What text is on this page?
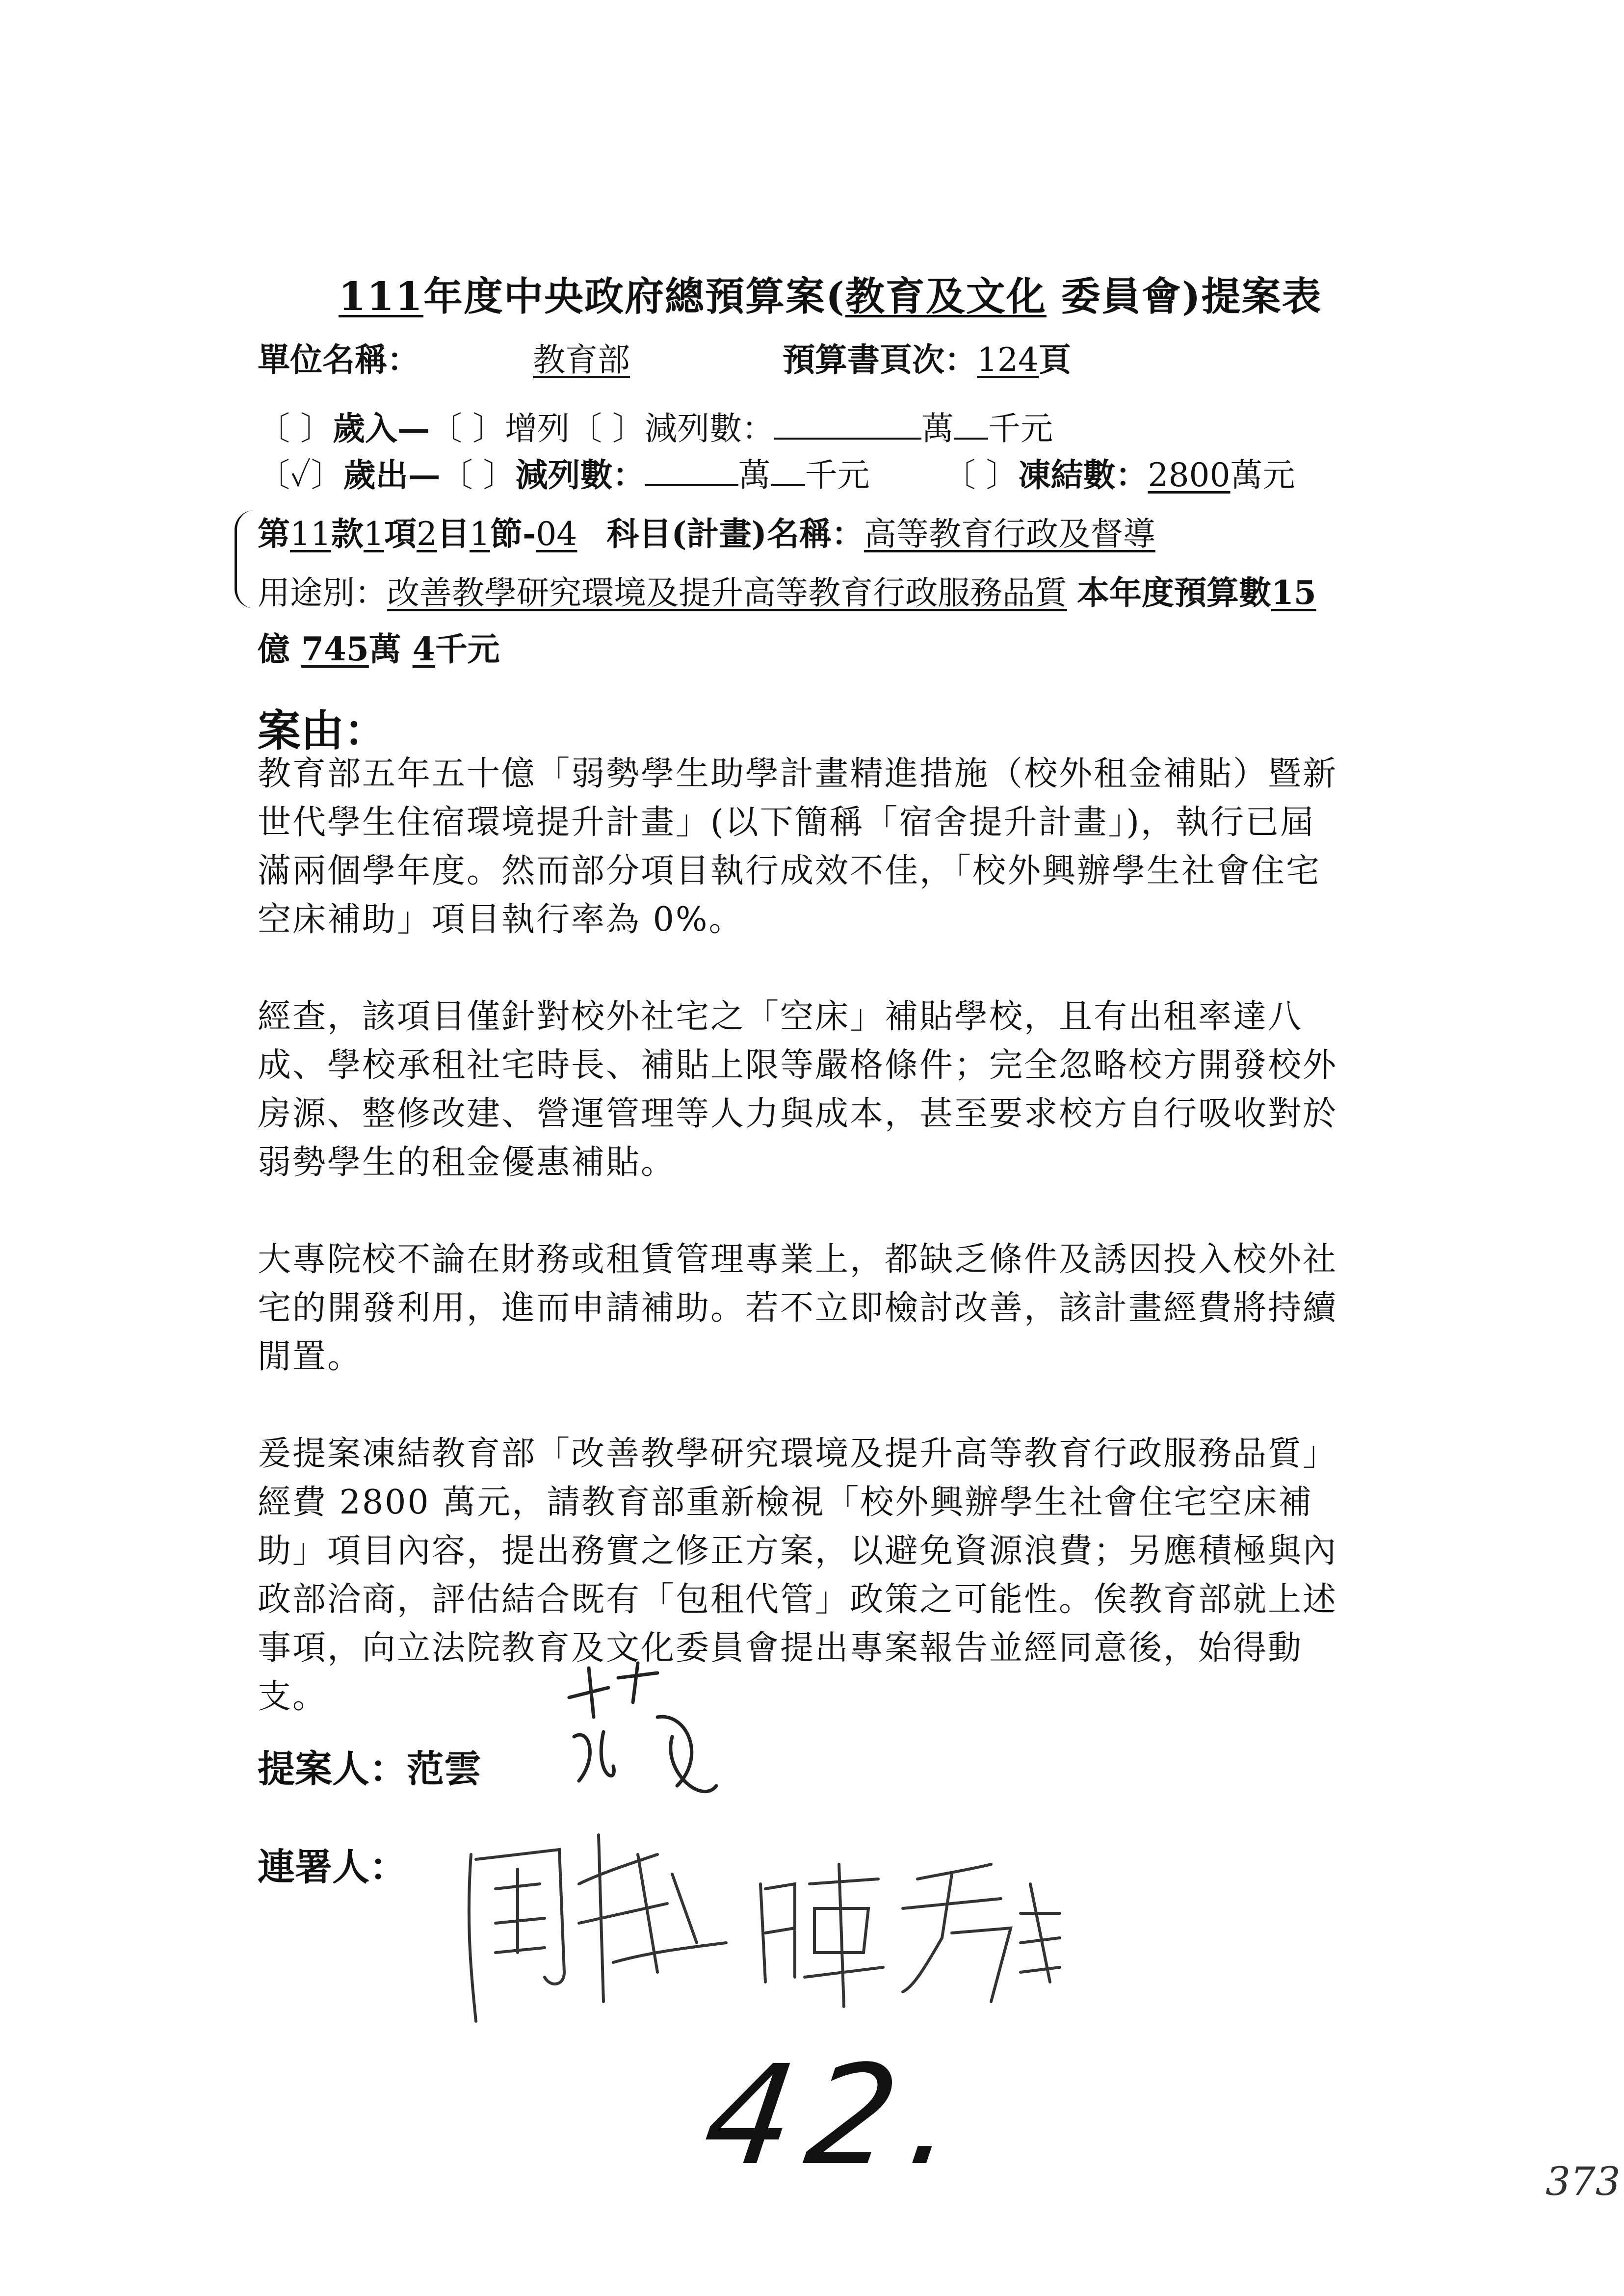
111年度中央政府總預算案(教育及文化 委員會)提案表
單位名稱：	教育部	預算書頁次：124頁
〔 〕歲入—〔 〕增列〔 〕減列數：	萬 千元
〔✓〕歲出—〔 〕減列數：	萬 千元 〔 〕凍結數：2800萬元
第11款1項2目1節-04 科目(計畫)名稱：高等教育行政及督導
用途別：改善教學研究環境及提升高等教育行政服務品質 本年度預算數15
億 745萬 4千元
案由：
教育部五年五十億「弱勢學生助學計畫精進措施（校外租金補貼）暨新
世代學生住宿環境提升計畫」(以下簡稱「宿舍提升計畫」)，執行已屆
滿兩個學年度。然而部分項目執行成效不佳，「校外興辦學生社會住宅
空床補助」項目執行率為 0%。
經查，該項目僅針對校外社宅之「空床」補貼學校，且有出租率達八
成、學校承租社宅時長、補貼上限等嚴格條件；完全忽略校方開發校外
房源、整修改建、營運管理等人力與成本，甚至要求校方自行吸收對於
弱勢學生的租金優惠補貼。
大專院校不論在財務或租賃管理專業上，都缺乏條件及誘因投入校外社
宅的開發利用，進而申請補助。若不立即檢討改善，該計畫經費將持續
閒置。
爰提案凍結教育部「改善教學研究環境及提升高等教育行政服務品質」
經費 2800 萬元，請教育部重新檢視「校外興辦學生社會住宅空床補
助」項目內容，提出務實之修正方案，以避免資源浪費；另應積極與內
政部洽商，評估結合既有「包租代管」政策之可能性。俟教育部就上述
事項，向立法院教育及文化委員會提出專案報告並經同意後，始得動
支。
提案人：范雲
連署人：
42.	373
